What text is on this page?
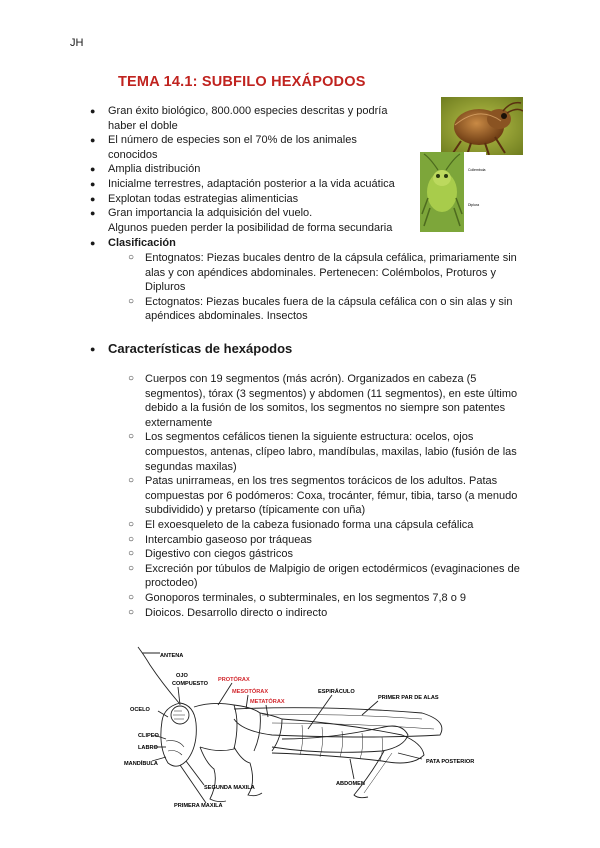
JH
TEMA 14.1: SUBFILO HEXÁPODOS
● Gran éxito biológico, 800.000 especies descritas y podría
haber el doble
● El número de especies son el 70% de los animales
conocidos
● Amplia distribución
● Inicialme terrestres, adaptación posterior a la vida acuática
● Explotan todas estrategias alimenticias
● Gran importancia la adquisición del vuelo.
Algunos pueden perder la posibilidad de forma secundaria
● Clasificación
○ Entognatos: Piezas bucales dentro de la cápsula cefálica, primariamente sin
alas y con apéndices abdominales. Pertenecen: Colémbolos, Proturos y
Dipluros
○ Ectognatos: Piezas bucales fuera de la cápsula cefálica con o sin alas y sin
apéndices abdominales. Insectos
Collembola
Diplura
● Características de hexápodos
○ Cuerpos con 19 segmentos (más acrón). Organizados en cabeza (5
segmentos), tórax (3 segmentos) y abdomen (11 segmentos), en este último
debido a la fusión de los somitos, los segmentos no siempre son patentes
externamente
○ Los segmentos cefálicos tienen la siguiente estructura: ocelos, ojos
compuestos, antenas, clípeo labro, mandíbulas, maxilas, labio (fusión de las
segundas maxilas)
○ Patas unirrameas, en los tres segmentos torácicos de los adultos. Patas
compuestas por 6 podómeros: Coxa, trocánter, fémur, tibia, tarso (a menudo
subdividido) y pretarso (típicamente con uña)
○ El exoesqueleto de la cabeza fusionado forma una cápsula cefálica
○ Intercambio gaseoso por tráqueas
○ Digestivo con ciegos gástricos
○ Excreción por túbulos de Malpigio de origen ectodérmicos (evaginaciones de
proctodeo)
○ Gonoporos terminales, o subterminales, en los segmentos 7,8 o 9
○ Dioicos. Desarrollo directo o indirecto
ANTENA
OJO
COMPUESTO
OCELO
CLIPEO
LABRO
MANDÍBULA
SEGUNDA MAXILA
PRIMERA MAXILA
PROTÓRAX
MESOTÓRAX
METATÓRAX
ESPIRÁCULO
PRIMER PAR DE ALAS
PATA POSTERIOR
ABDOMEN
